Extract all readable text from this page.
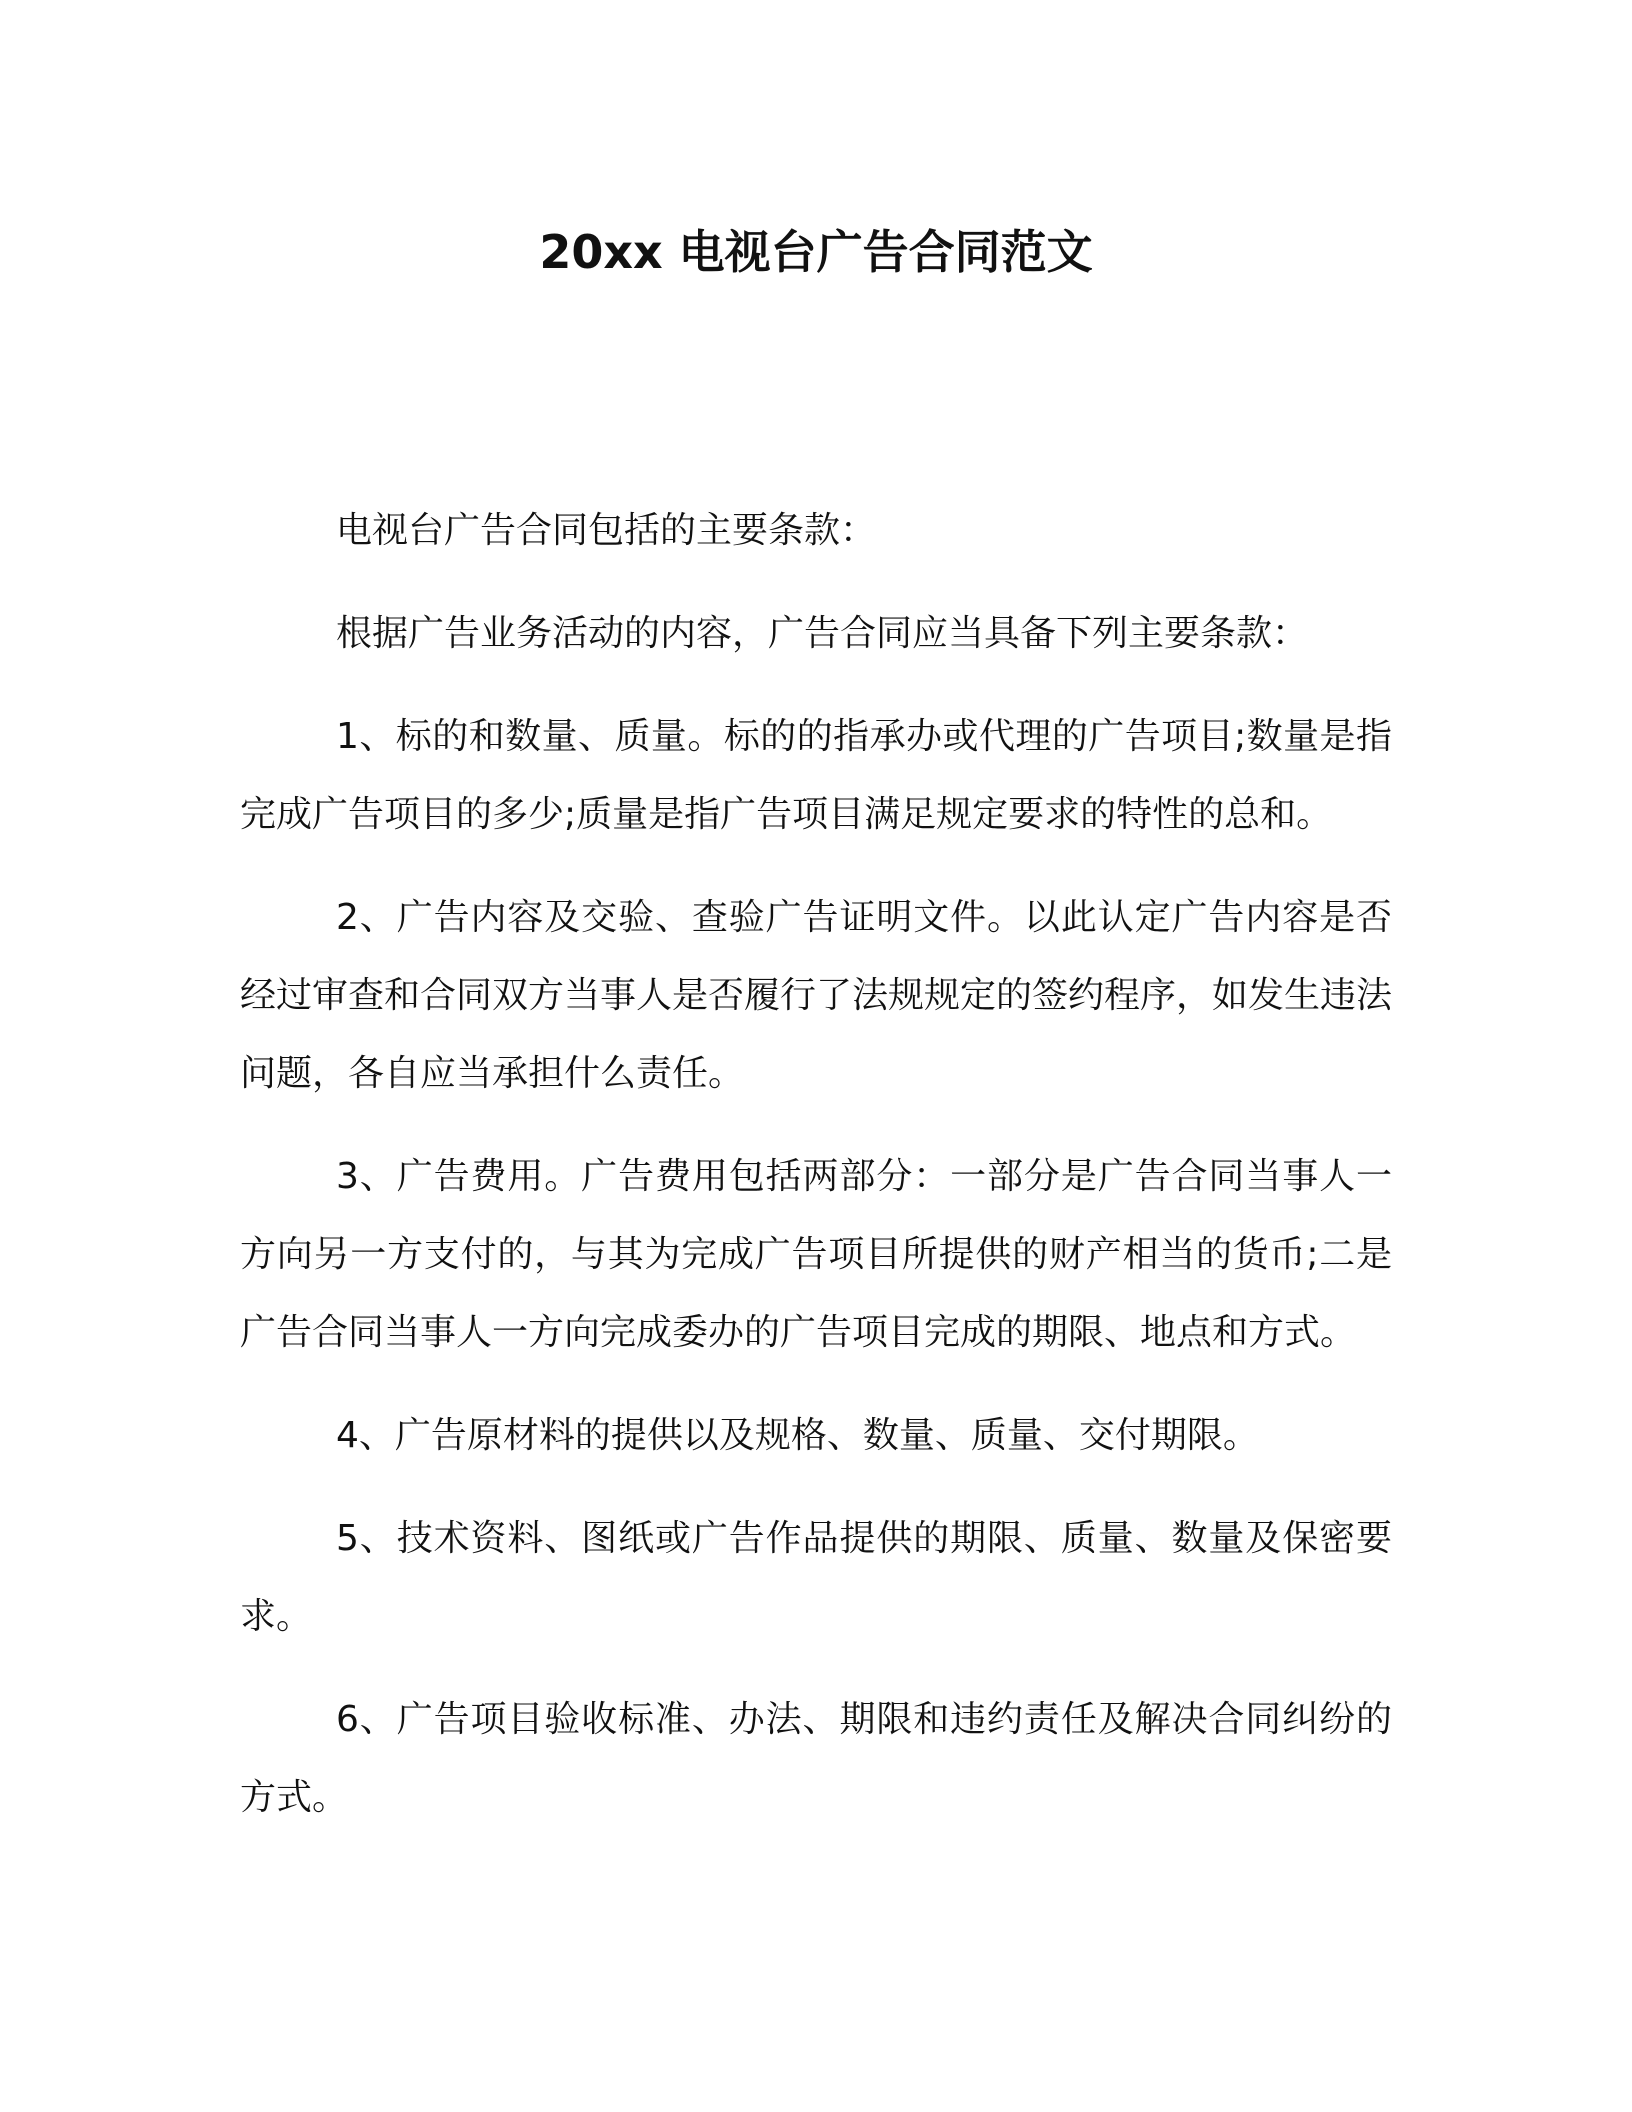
20xx 电视台广告合同范文

电视台广告合同包括的主要条款：

根据广告业务活动的内容，广告合同应当具备下列主要条款：

1、标的和数量、质量。标的的指承办或代理的广告项目;数量是指完成广告项目的多少;质量是指广告项目满足规定要求的特性的总和。

2、广告内容及交验、查验广告证明文件。以此认定广告内容是否经过审查和合同双方当事人是否履行了法规规定的签约程序，如发生违法问题，各自应当承担什么责任。

3、广告费用。广告费用包括两部分：一部分是广告合同当事人一方向另一方支付的，与其为完成广告项目所提供的财产相当的货币;二是广告合同当事人一方向完成委办的广告项目完成的期限、地点和方式。

4、广告原材料的提供以及规格、数量、质量、交付期限。

5、技术资料、图纸或广告作品提供的期限、质量、数量及保密要求。

6、广告项目验收标准、办法、期限和违约责任及解决合同纠纷的方式。
